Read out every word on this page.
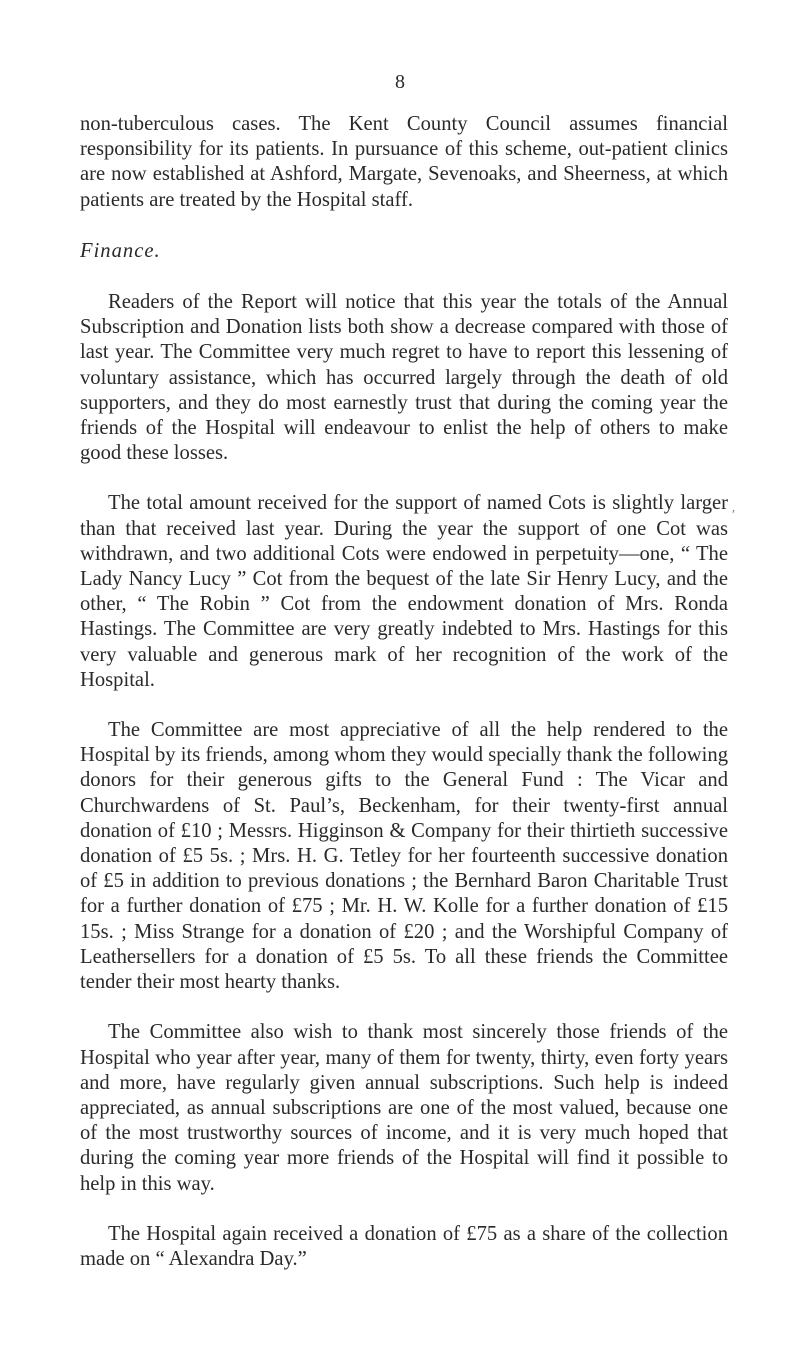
8

non-tuberculous cases. The Kent County Council assumes financial responsibility for its patients. In pursuance of this scheme, out-patient clinics are now established at Ashford, Margate, Sevenoaks, and Sheerness, at which patients are treated by the Hospital staff.

Finance.

Readers of the Report will notice that this year the totals of the Annual Subscription and Donation lists both show a decrease compared with those of last year. The Committee very much regret to have to report this lessening of voluntary assistance, which has occurred largely through the death of old supporters, and they do most earnestly trust that during the coming year the friends of the Hospital will endeavour to enlist the help of others to make good these losses.

The total amount received for the support of named Cots is slightly larger than that received last year. During the year the support of one Cot was withdrawn, and two additional Cots were endowed in perpetuity—one, “ The Lady Nancy Lucy ” Cot from the bequest of the late Sir Henry Lucy, and the other, “ The Robin ” Cot from the endowment donation of Mrs. Ronda Hastings. The Committee are very greatly indebted to Mrs. Hastings for this very valuable and generous mark of her recognition of the work of the Hospital.

The Committee are most appreciative of all the help rendered to the Hospital by its friends, among whom they would specially thank the following donors for their generous gifts to the General Fund : The Vicar and Churchwardens of St. Paul’s, Beckenham, for their twenty-first annual donation of £10 ; Messrs. Higginson & Company for their thirtieth successive donation of £5 5s. ; Mrs. H. G. Tetley for her fourteenth successive donation of £5 in addition to previous donations ; the Bernhard Baron Charitable Trust for a further donation of £75 ; Mr. H. W. Kolle for a further donation of £15 15s. ; Miss Strange for a donation of £20 ; and the Worshipful Company of Leathersellers for a donation of £5 5s. To all these friends the Committee tender their most hearty thanks.

The Committee also wish to thank most sincerely those friends of the Hospital who year after year, many of them for twenty, thirty, even forty years and more, have regularly given annual subscriptions. Such help is indeed appreciated, as annual subscriptions are one of the most valued, because one of the most trustworthy sources of income, and it is very much hoped that during the coming year more friends of the Hospital will find it possible to help in this way.

The Hospital again received a donation of £75 as a share of the collection made on “ Alexandra Day.”

′
